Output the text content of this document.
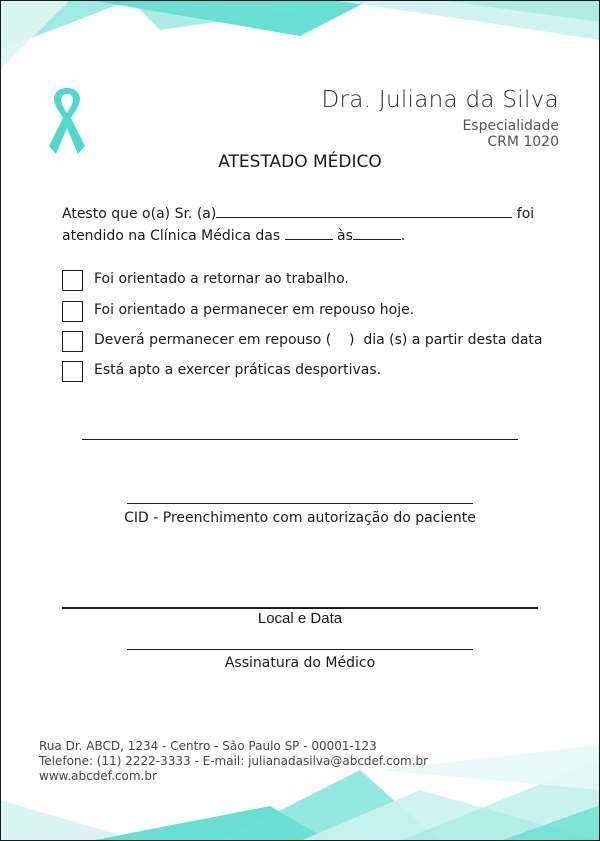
Dra. Juliana da Silva
Especialidade
CRM 1020
ATESTADO MÉDICO
Atesto que o(a) Sr. (a)	foi
atendido na Clínica Médica das	às	.
Foi orientado a retornar ao trabalho.
Foi orientado a permanecer em repouso hoje.
Deverá permanecer em repouso (    )  dia (s) a partir desta data
Está apto a exercer práticas desportivas.
CID - Preenchimento com autorização do paciente
Local e Data
Assinatura do Médico
Rua Dr. ABCD, 1234 - Centro - São Paulo SP - 00001-123
Telefone: (11) 2222-3333 - E-mail: julianadasilva@abcdef.com.br
www.abcdef.com.br
